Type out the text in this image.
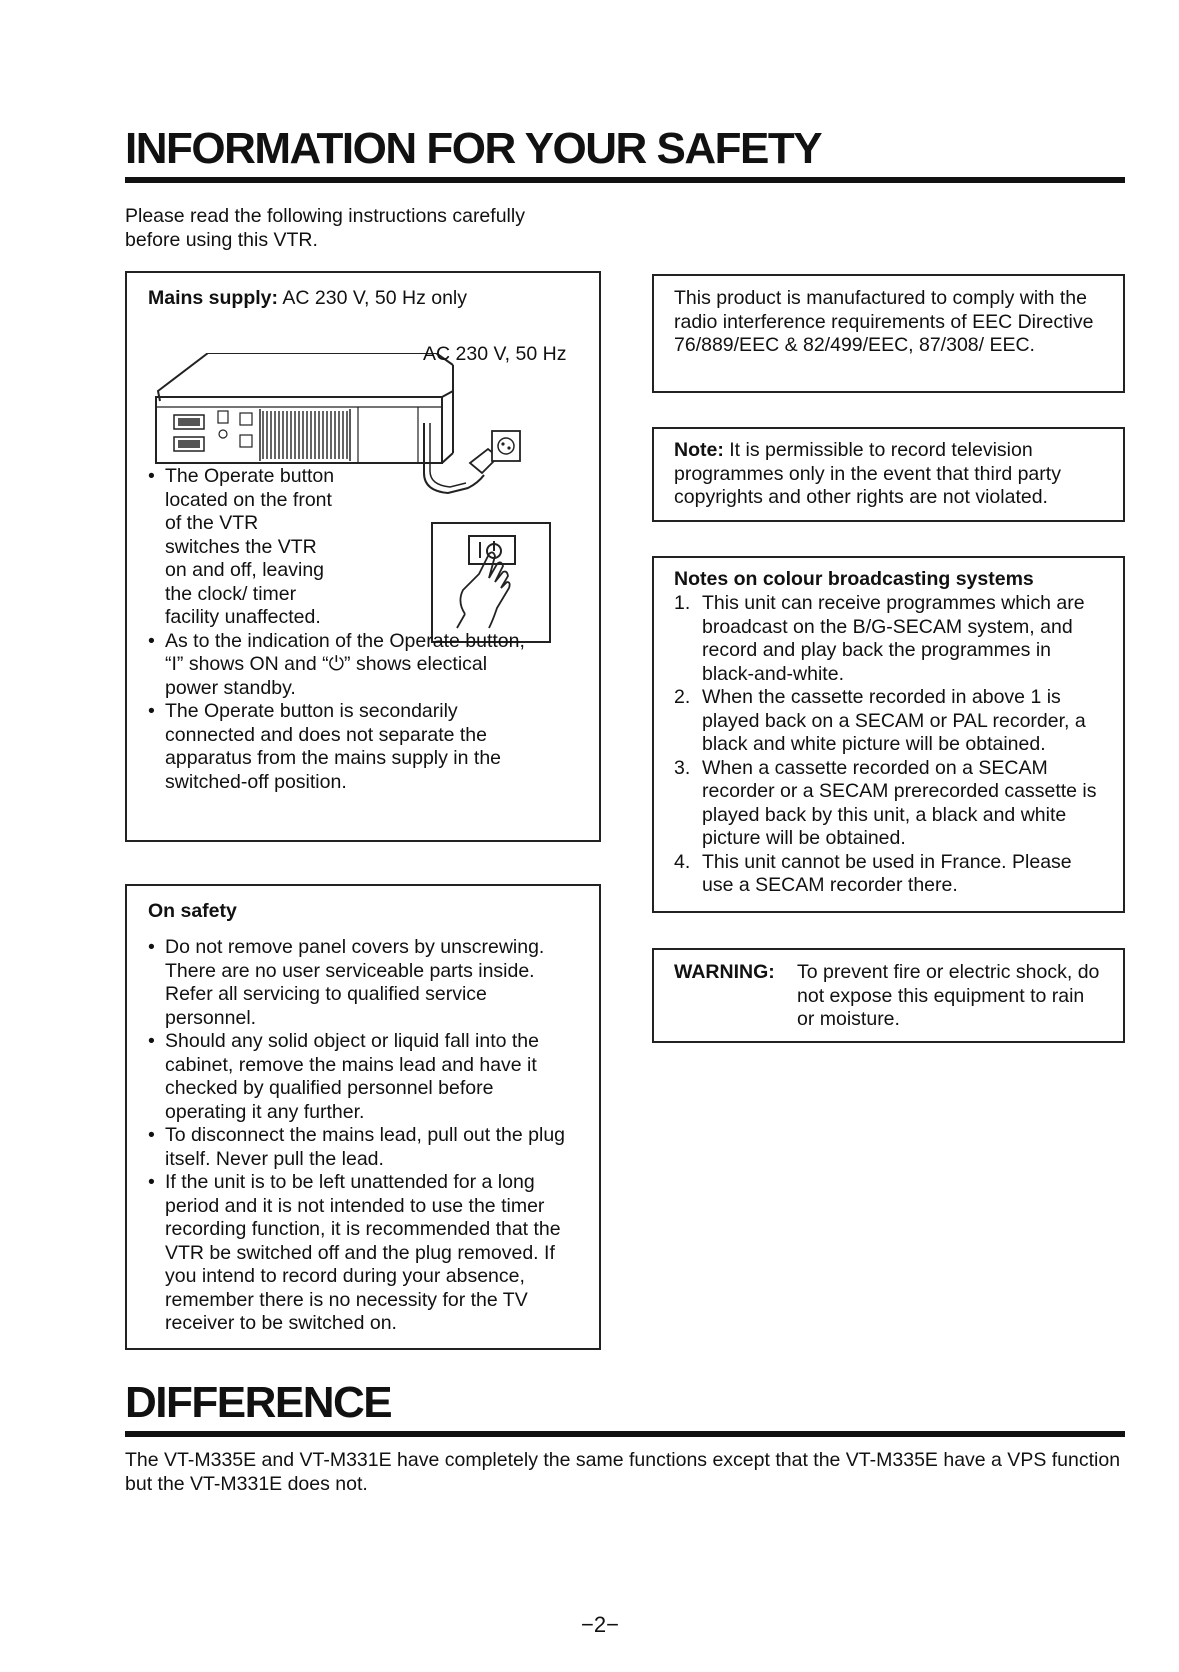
INFORMATION FOR YOUR SAFETY
Please read the following instructions carefully
before using this VTR.
Mains supply: AC 230 V, 50 Hz only
AC 230 V, 50 Hz
• The Operate button located on the front of the VTR switches the VTR on and off, leaving the clock/ timer facility unaffected.
• As to the indication of the Operate button, “I” shows ON and “⏻” shows electical power standby.
• The Operate button is secondarily connected and does not separate the apparatus from the mains supply in the switched-off position.
On safety
• Do not remove panel covers by unscrewing. There are no user serviceable parts inside. Refer all servicing to qualified service personnel.
• Should any solid object or liquid fall into the cabinet, remove the mains lead and have it checked by qualified personnel before operating it any further.
• To disconnect the mains lead, pull out the plug itself. Never pull the lead.
• If the unit is to be left unattended for a long period and it is not intended to use the timer recording function, it is recommended that the VTR be switched off and the plug removed. If you intend to record during your absence, remember there is no necessity for the TV receiver to be switched on.
This product is manufactured to comply with the radio interference requirements of EEC Directive 76/889/EEC & 82/499/EEC, 87/308/ EEC.
Note: It is permissible to record television programmes only in the event that third party copyrights and other rights are not violated.
Notes on colour broadcasting systems
1. This unit can receive programmes which are broadcast on the B/G-SECAM system, and record and play back the programmes in black-and-white.
2. When the cassette recorded in above 1 is played back on a SECAM or PAL recorder, a black and white picture will be obtained.
3. When a cassette recorded on a SECAM recorder or a SECAM prerecorded cassette is played back by this unit, a black and white picture will be obtained.
4. This unit cannot be used in France. Please use a SECAM recorder there.
WARNING: To prevent fire or electric shock, do not expose this equipment to rain or moisture.
DIFFERENCE
The VT-M335E and VT-M331E have completely the same functions except that the VT-M335E have a VPS function but the VT-M331E does not.
−2−
